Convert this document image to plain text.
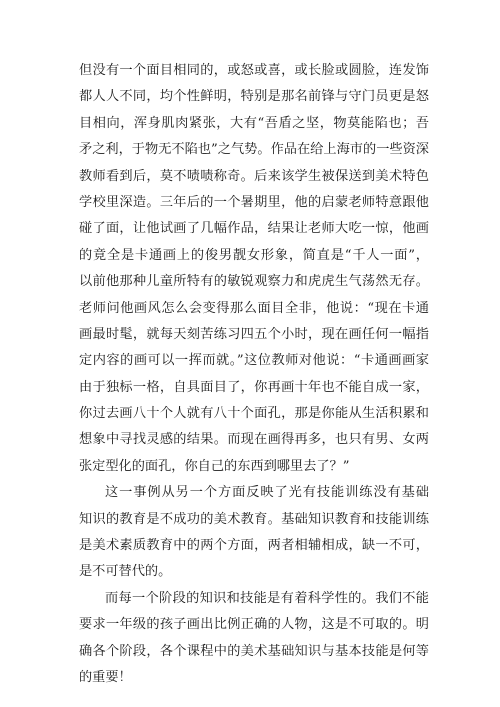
但没有一个面目相同的，或怒或喜，或长脸或圆脸，连发饰
都人人不同，均个性鲜明，特别是那名前锋与守门员更是怒
目相向，浑身肌肉紧张，大有“吾盾之坚，物莫能陷也；吾
矛之利，于物无不陷也”之气势。作品在给上海市的一些资深
教师看到后，莫不啧啧称奇。后来该学生被保送到美术特色
学校里深造。三年后的一个暑期里，他的启蒙老师特意跟他
碰了面，让他试画了几幅作品，结果让老师大吃一惊，他画
的竟全是卡通画上的俊男靓女形象，简直是“千人一面”，
以前他那种儿童所特有的敏锐观察力和虎虎生气荡然无存。
老师问他画风怎么会变得那么面目全非，他说：“现在卡通
画最时髦，就每天刻苦练习四五个小时，现在画任何一幅指
定内容的画可以一挥而就。”这位教师对他说：“卡通画画家
由于独标一格，自具面目了，你再画十年也不能自成一家，
你过去画八十个人就有八十个面孔，那是你能从生活积累和
想象中寻找灵感的结果。而现在画得再多，也只有男、女两
张定型化的面孔，你自己的东西到哪里去了？”
这一事例从另一个方面反映了光有技能训练没有基础
知识的教育是不成功的美术教育。基础知识教育和技能训练
是美术素质教育中的两个方面，两者相辅相成，缺一不可，
是不可替代的。
而每一个阶段的知识和技能是有着科学性的。我们不能
要求一年级的孩子画出比例正确的人物，这是不可取的。明
确各个阶段，各个课程中的美术基础知识与基本技能是何等
的重要！
